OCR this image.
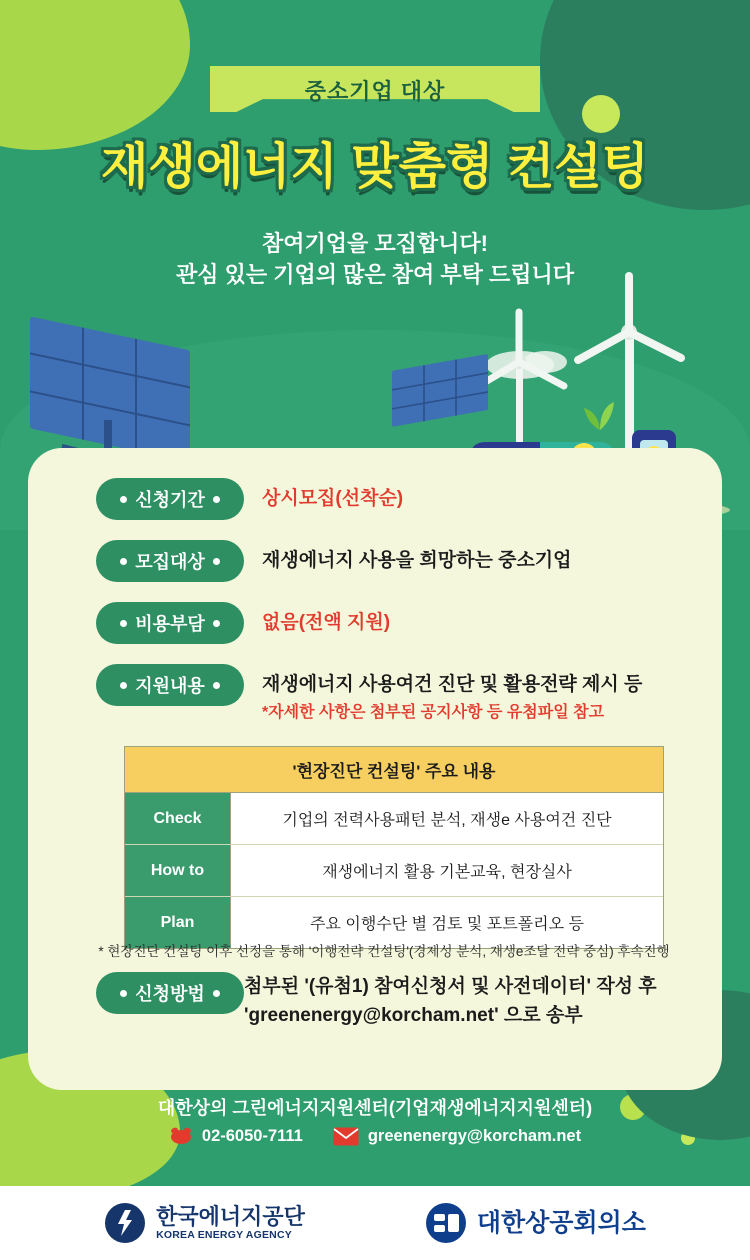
중소기업 대상
재생에너지 맞춤형 컨설팅
참여기업을 모집합니다!
관심 있는 기업의 많은 참여 부탁 드립니다
신청기간	상시모집(선착순)
모집대상	재생에너지 사용을 희망하는 중소기업
비용부담	없음(전액 지원)
지원내용	재생에너지 사용여건 진단 및 활용전략 제시 등
*자세한 사항은 첨부된 공지사항 등 유첨파일 참고
'현장진단 컨설팅' 주요 내용
Check	기업의 전력사용패턴 분석, 재생e 사용여건 진단
How to	재생에너지 활용 기본교육, 현장실사
Plan	주요 이행수단 별 검토 및 포트폴리오 등
* 현장진단 컨설팅 이후 선정을 통해 '이행전략 컨설팅'(경제성 분석, 재생e조달 전략 중심) 후속진행
신청방법 첨부된 '(유첨1) 참여신청서 및 사전데이터' 작성 후
'greenenergy@korcham.net' 으로 송부
대한상의 그린에너지지원센터(기업재생에너지지원센터)
02-6050-7111	greenenergy@korcham.net
한국에너지공단
KOREA ENERGY AGENCY	대한상공회의소
